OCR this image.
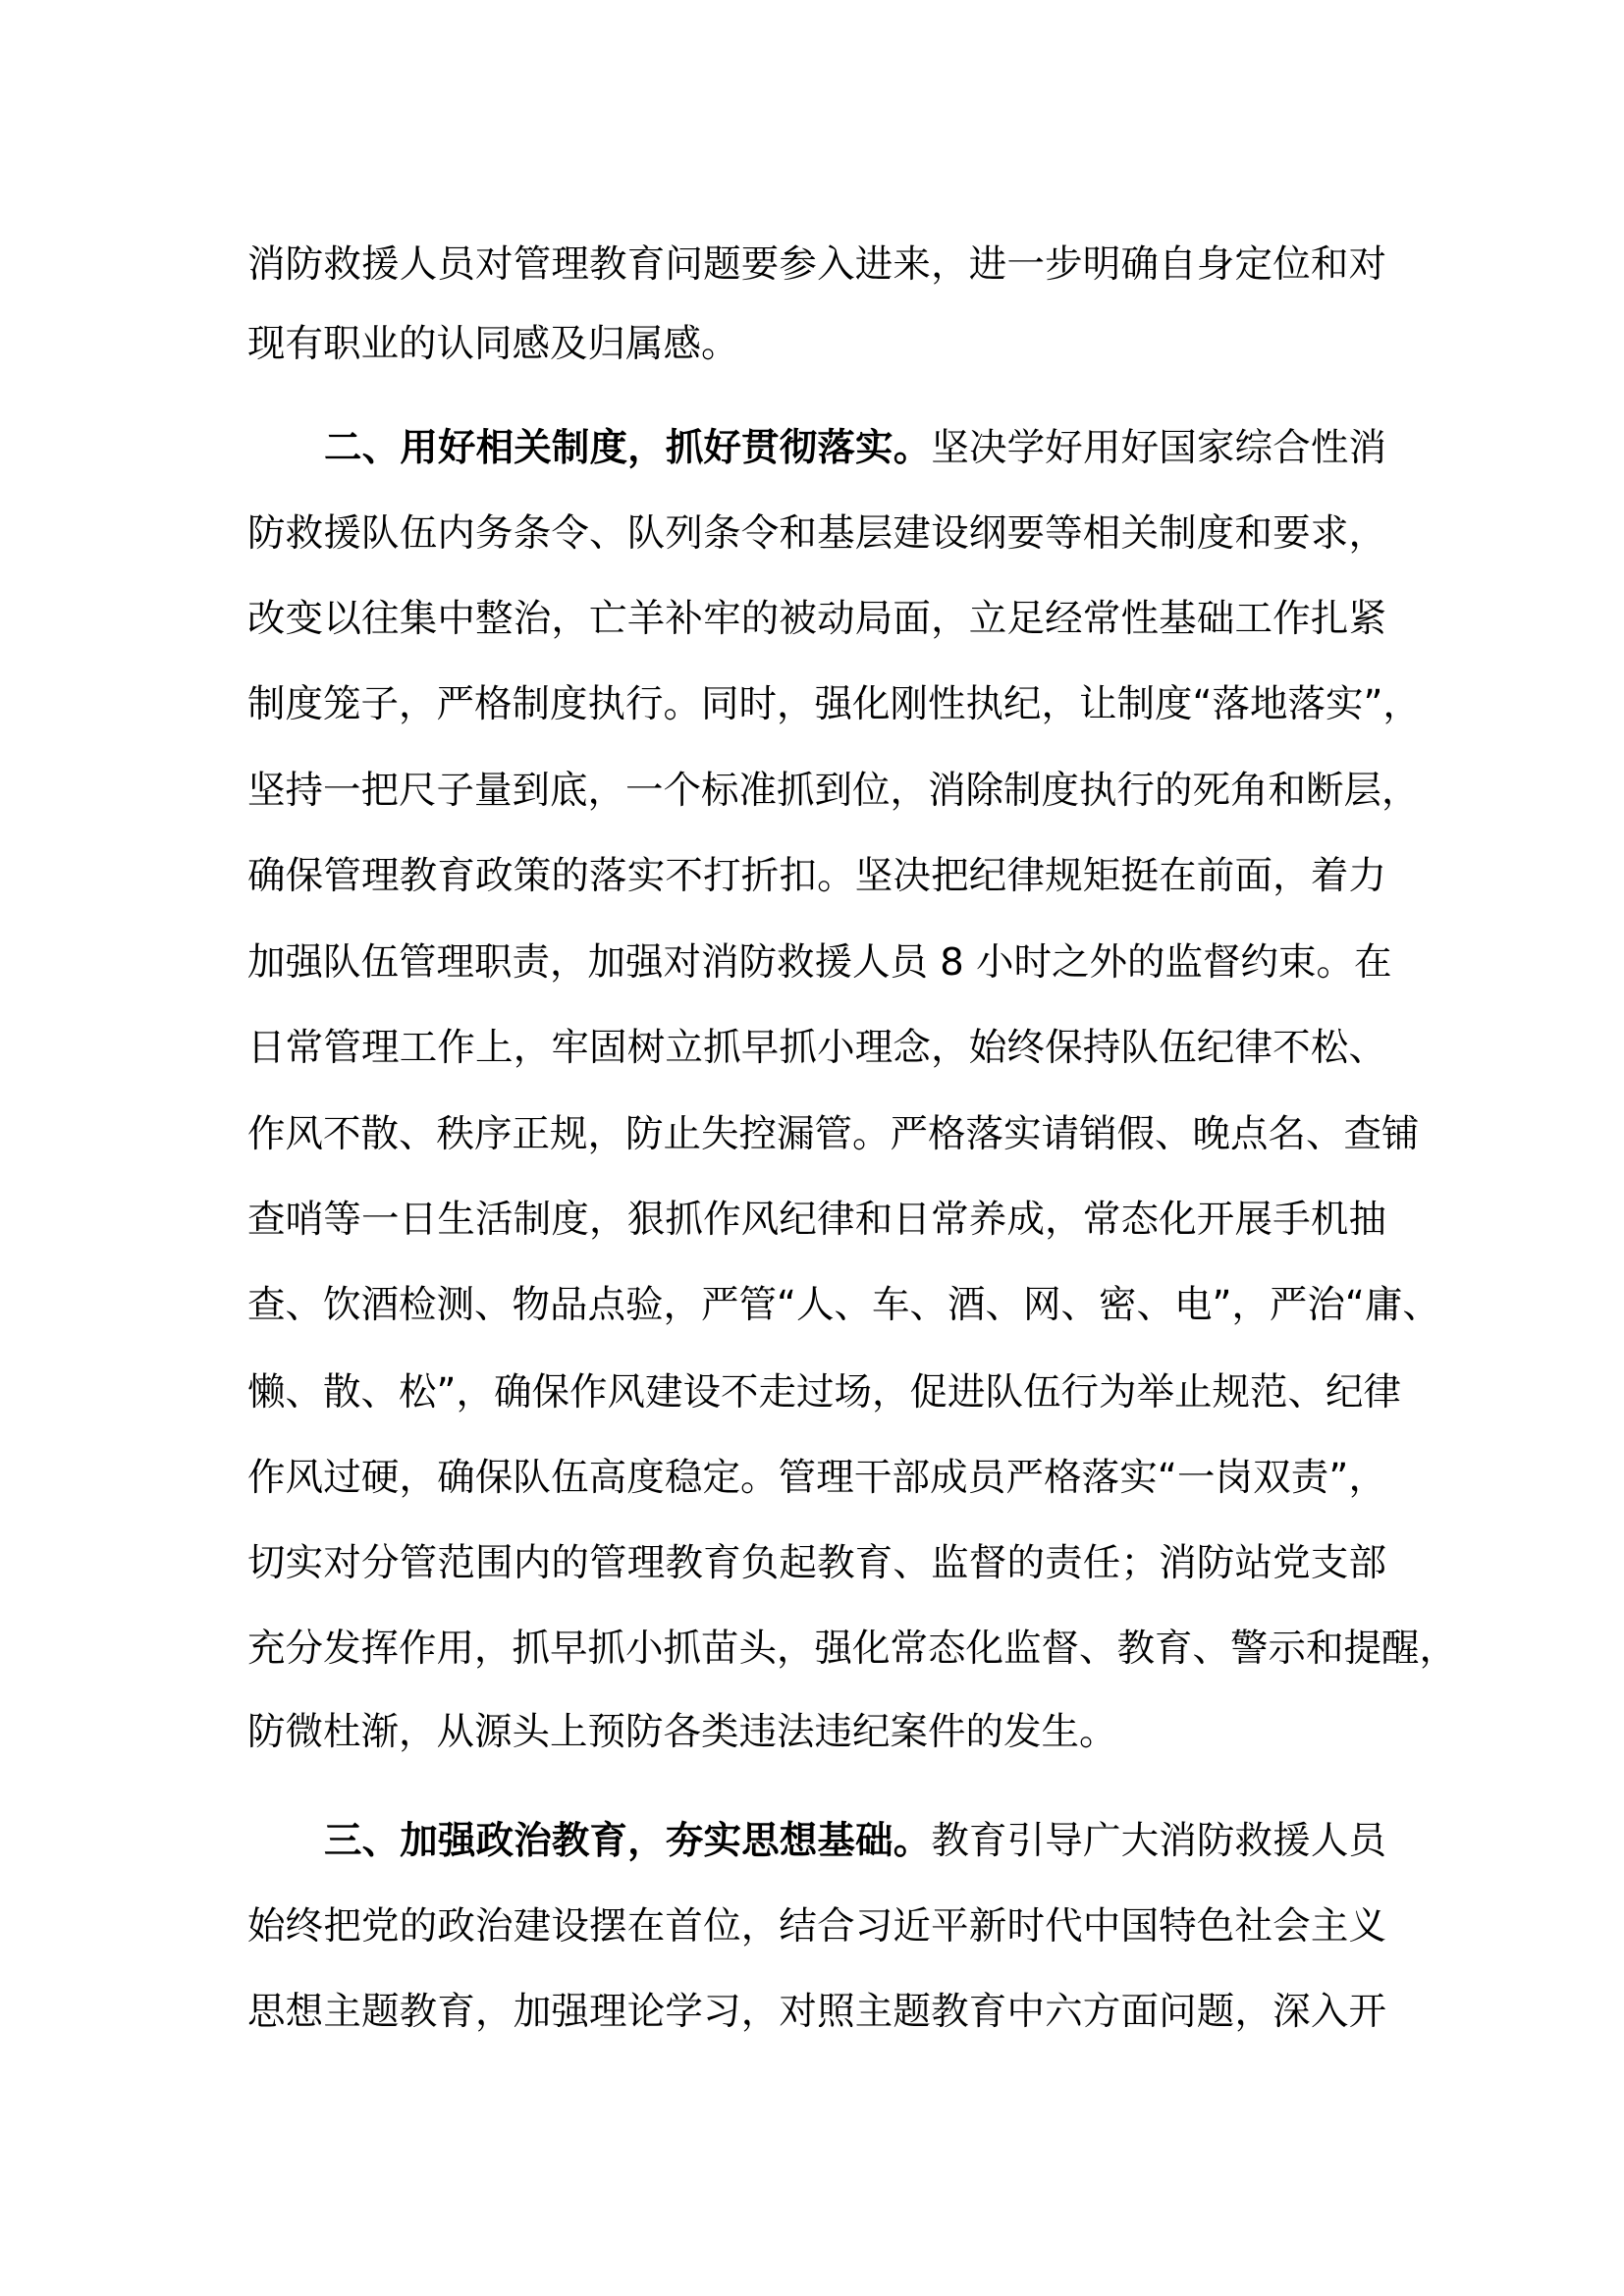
消防救援人员对管理教育问题要参入进来，进一步明确自身定位和对
现有职业的认同感及归属感。
二、用好相关制度，抓好贯彻落实。坚决学好用好国家综合性消
防救援队伍内务条令、队列条令和基层建设纲要等相关制度和要求，
改变以往集中整治，亡羊补牢的被动局面，立足经常性基础工作扎紧
制度笼子，严格制度执行。同时，强化刚性执纪，让制度“落地落实”，
坚持一把尺子量到底，一个标准抓到位，消除制度执行的死角和断层，
确保管理教育政策的落实不打折扣。坚决把纪律规矩挺在前面，着力
加强队伍管理职责，加强对消防救援人员 8 小时之外的监督约束。在
日常管理工作上，牢固树立抓早抓小理念，始终保持队伍纪律不松、
作风不散、秩序正规，防止失控漏管。严格落实请销假、晚点名、查铺
查哨等一日生活制度，狠抓作风纪律和日常养成，常态化开展手机抽
查、饮酒检测、物品点验，严管“人、车、酒、网、密、电”，严治“庸、
懒、散、松”，确保作风建设不走过场，促进队伍行为举止规范、纪律
作风过硬，确保队伍高度稳定。管理干部成员严格落实“一岗双责”，
切实对分管范围内的管理教育负起教育、监督的责任；消防站党支部
充分发挥作用，抓早抓小抓苗头，强化常态化监督、教育、警示和提醒，
防微杜渐，从源头上预防各类违法违纪案件的发生。
三、加强政治教育，夯实思想基础。教育引导广大消防救援人员
始终把党的政治建设摆在首位，结合习近平新时代中国特色社会主义
思想主题教育，加强理论学习，对照主题教育中六方面问题，深入开
